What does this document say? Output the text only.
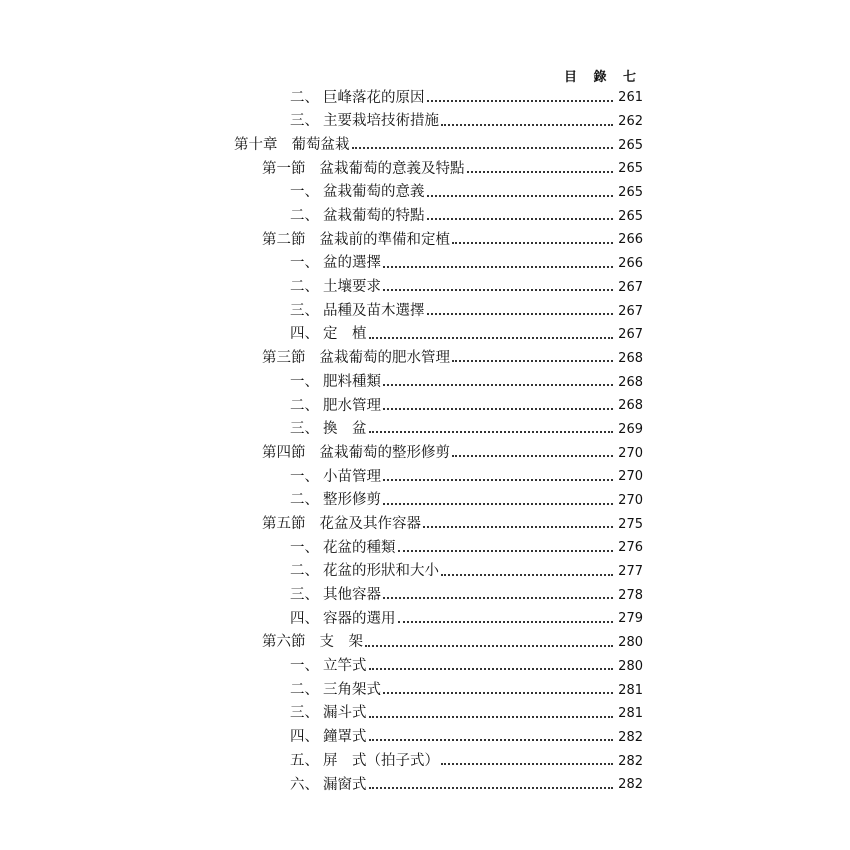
目 錄 七
二、 巨峰落花的原因	261
三、 主要栽培技術措施	262
第十章 葡萄盆栽	265
第一節 盆栽葡萄的意義及特點	265
一、 盆栽葡萄的意義	265
二、 盆栽葡萄的特點	265
第二節 盆栽前的準備和定植	266
一、 盆的選擇	266
二、 土壤要求	267
三、 品種及苗木選擇	267
四、 定　植	267
第三節 盆栽葡萄的肥水管理	268
一、 肥料種類	268
二、 肥水管理	268
三、 換　盆	269
第四節 盆栽葡萄的整形修剪	270
一、 小苗管理	270
二、 整形修剪	270
第五節 花盆及其作容器	275
一、 花盆的種類	276
二、 花盆的形狀和大小	277
三、 其他容器	278
四、 容器的選用	279
第六節 支　架	280
一、 立竿式	280
二、 三角架式	281
三、 漏斗式	281
四、 鐘罩式	282
五、 屏　式（拍子式）	282
六、 漏窗式	282
